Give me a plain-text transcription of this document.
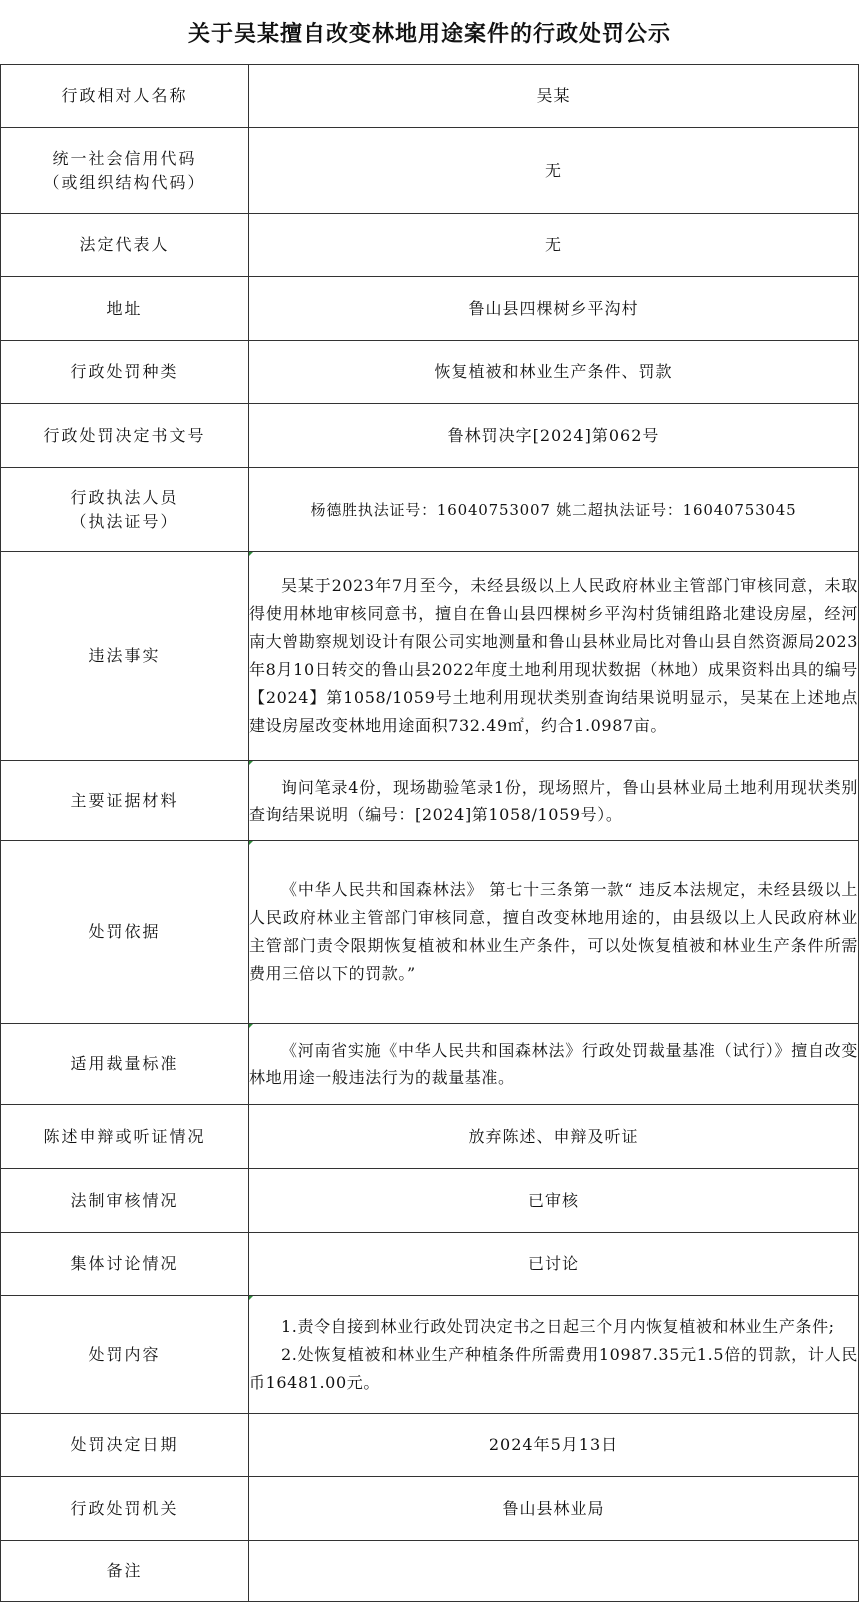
关于吴某擅自改变林地用途案件的行政处罚公示
行政相对人名称	吴某

统一社会信用代码
（或组织结构代码）	无
法定代表人	无
地址	鲁山县四棵树乡平沟村
行政处罚种类	恢复植被和林业生产条件、罚款
行政处罚决定书文号	鲁林罚决字[2024]第062号

行政执法人员
（执法证号）	杨德胜执法证号：16040753007 姚二超执法证号：16040753045
违法事实	吴某于2023年7月至今，未经县级以上人民政府林业主管部门审核同意，未取得使用林地审核同意书，擅自在鲁山县四棵树乡平沟村货铺组路北建设房屋，经河南大曾勘察规划设计有限公司实地测量和鲁山县林业局比对鲁山县自然资源局2023年8月10日转交的鲁山县2022年度土地利用现状数据（林地）成果资料出具的编号【2024】第1058/1059号土地利用现状类别查询结果说明显示，吴某在上述地点建设房屋改变林地用途面积732.49㎡，约合1.0987亩。

主要证据材料	询问笔录4份，现场勘验笔录1份，现场照片，鲁山县林业局土地利用现状类别查询结果说明（编号：[2024]第1058/1059号）。

处罚依据	《中华人民共和国森林法》 第七十三条第一款“ 违反本法规定，未经县级以上人民政府林业主管部门审核同意，擅自改变林地用途的，由县级以上人民政府林业主管部门责令限期恢复植被和林业生产条件，可以处恢复植被和林业生产条件所需费用三倍以下的罚款。”

适用裁量标准	《河南省实施《中华人民共和国森林法》行政处罚裁量基准（试行）》擅自改变林地用途一般违法行为的裁量基准。

陈述申辩或听证情况	放弃陈述、申辩及听证
法制审核情况	已审核
集体讨论情况	已讨论
处罚内容	1.责令自接到林业行政处罚决定书之日起三个月内恢复植被和林业生产条件;
2.处恢复植被和林业生产种植条件所需费用10987.35元1.5倍的罚款，计人民币16481.00元。

处罚决定日期	2024年5月13日
行政处罚机关	鲁山县林业局
备注	
